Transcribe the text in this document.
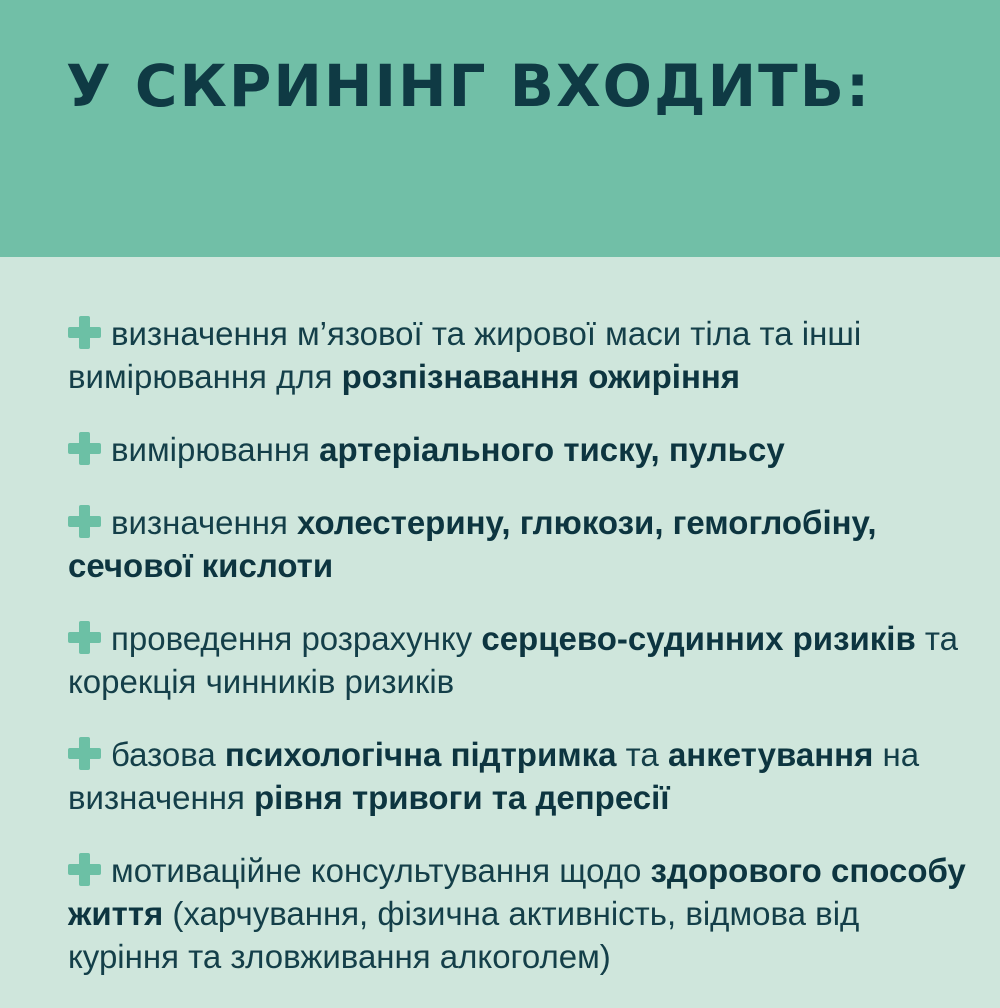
У СКРИНІНГ ВХОДИТЬ:
визначення м’язової та жирової маси тіла та інші вимірювання для розпізнавання ожиріння
вимірювання артеріального тиску, пульсу
визначення холестерину, глюкози, гемоглобіну, сечової кислоти
проведення розрахунку серцево-судинних ризиків та корекція чинників ризиків
базова психологічна підтримка та анкетування на визначення рівня тривоги та депресії
мотиваційне консультування щодо здорового способу життя (харчування, фізична активність, відмова від куріння та зловживання алкоголем)
